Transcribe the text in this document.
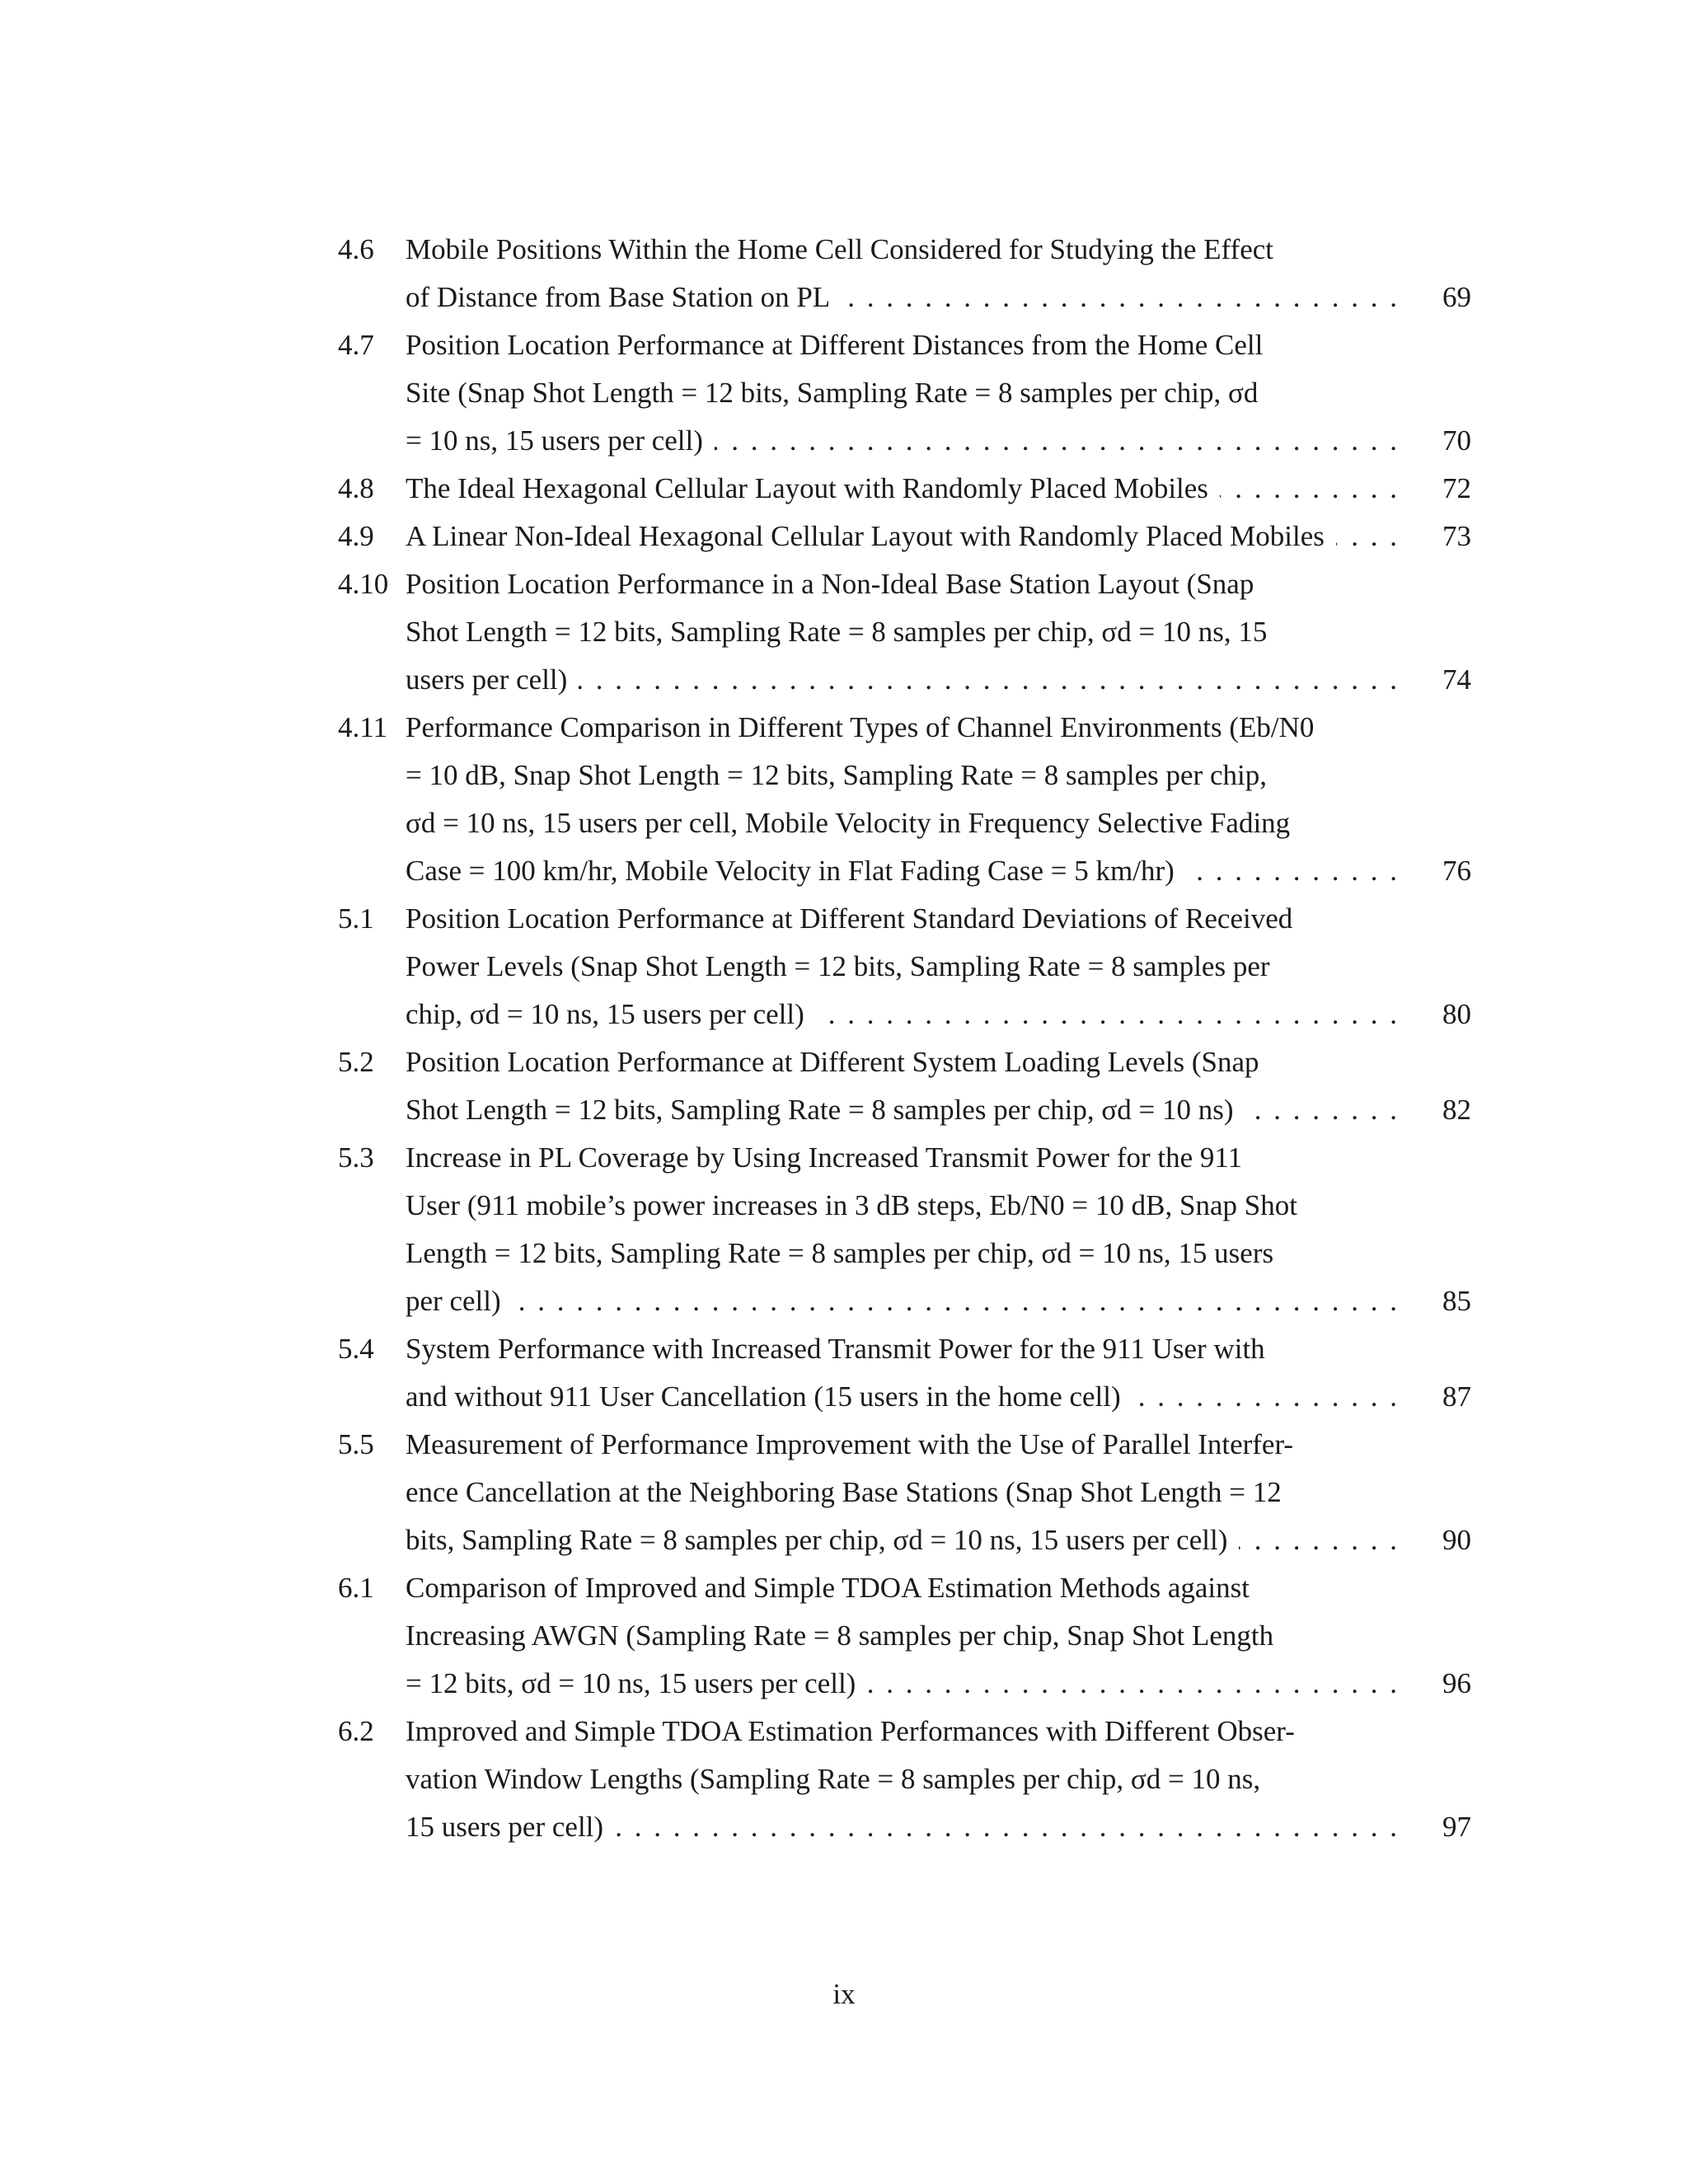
4.6 Mobile Positions Within the Home Cell Considered for Studying the Effect
of Distance from Base Station on PL . . .	69
4.7 Position Location Performance at Different Distances from the Home Cell
Site (Snap Shot Length = 12 bits, Sampling Rate = 8 samples per chip, σd
= 10 ns, 15 users per cell) . . .	70
4.8 The Ideal Hexagonal Cellular Layout with Randomly Placed Mobiles . . .	72
4.9 A Linear Non-Ideal Hexagonal Cellular Layout with Randomly Placed Mobiles . . .	73
4.10 Position Location Performance in a Non-Ideal Base Station Layout (Snap
Shot Length = 12 bits, Sampling Rate = 8 samples per chip, σd = 10 ns, 15
users per cell) . . .	74
4.11 Performance Comparison in Different Types of Channel Environments (Eb/N0
= 10 dB, Snap Shot Length = 12 bits, Sampling Rate = 8 samples per chip,
σd = 10 ns, 15 users per cell, Mobile Velocity in Frequency Selective Fading
Case = 100 km/hr, Mobile Velocity in Flat Fading Case = 5 km/hr) . . .	76
5.1 Position Location Performance at Different Standard Deviations of Received
Power Levels (Snap Shot Length = 12 bits, Sampling Rate = 8 samples per
chip, σd = 10 ns, 15 users per cell) . . .	80
5.2 Position Location Performance at Different System Loading Levels (Snap
Shot Length = 12 bits, Sampling Rate = 8 samples per chip, σd = 10 ns) . . .	82
5.3 Increase in PL Coverage by Using Increased Transmit Power for the 911
User (911 mobile’s power increases in 3 dB steps, Eb/N0 = 10 dB, Snap Shot
Length = 12 bits, Sampling Rate = 8 samples per chip, σd = 10 ns, 15 users
per cell) . . .	85
5.4 System Performance with Increased Transmit Power for the 911 User with
and without 911 User Cancellation (15 users in the home cell) . . .	87
5.5 Measurement of Performance Improvement with the Use of Parallel Interfer-
ence Cancellation at the Neighboring Base Stations (Snap Shot Length = 12
bits, Sampling Rate = 8 samples per chip, σd = 10 ns, 15 users per cell) . . .	90
6.1 Comparison of Improved and Simple TDOA Estimation Methods against
Increasing AWGN (Sampling Rate = 8 samples per chip, Snap Shot Length
= 12 bits, σd = 10 ns, 15 users per cell) . . .	96
6.2 Improved and Simple TDOA Estimation Performances with Different Obser-
vation Window Lengths (Sampling Rate = 8 samples per chip, σd = 10 ns,
15 users per cell) . . .	97
ix
